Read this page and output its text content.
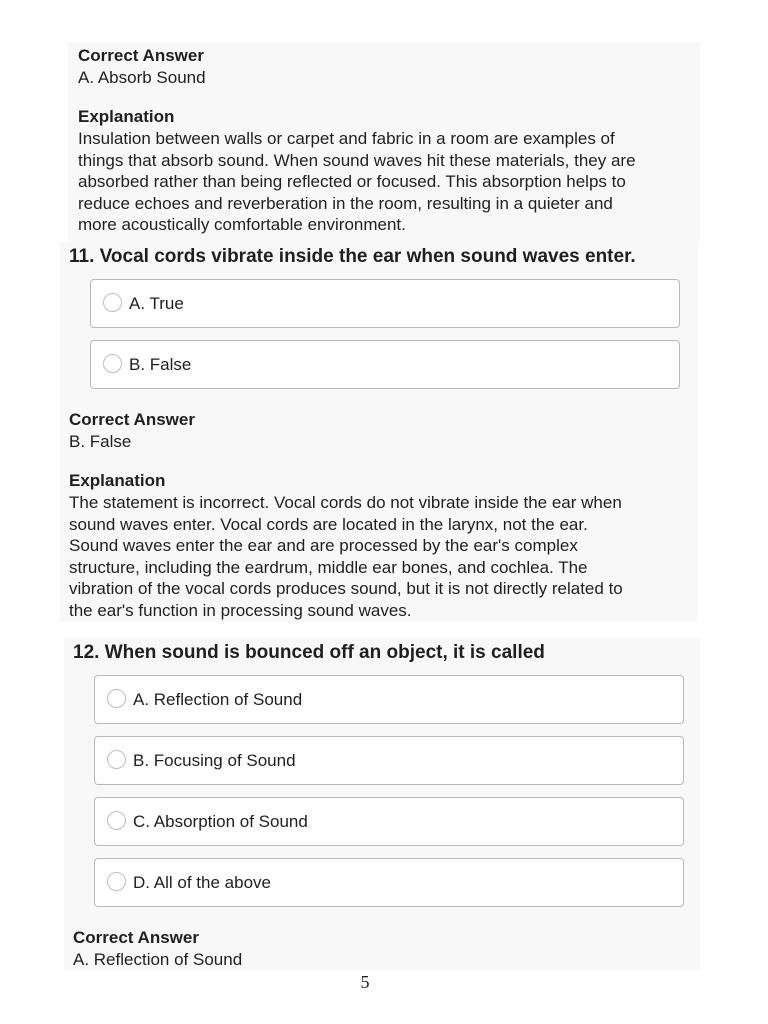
Correct Answer

A. Absorb Sound

Explanation

Insulation between walls or carpet and fabric in a room are examples of

things that absorb sound. When sound waves hit these materials, they are

absorbed rather than being reflected or focused. This absorption helps to

reduce echoes and reverberation in the room, resulting in a quieter and

more acoustically comfortable environment.

11. Vocal cords vibrate inside the ear when sound waves enter.

A. True
B. False

Correct Answer

B. False

Explanation

The statement is incorrect. Vocal cords do not vibrate inside the ear when

sound waves enter. Vocal cords are located in the larynx, not the ear.

Sound waves enter the ear and are processed by the ear's complex

structure, including the eardrum, middle ear bones, and cochlea. The

vibration of the vocal cords produces sound, but it is not directly related to

the ear's function in processing sound waves.

12. When sound is bounced off an object, it is called

A. Reflection of Sound
B. Focusing of Sound
C. Absorption of Sound
D. All of the above

Correct Answer

A. Reflection of Sound

5
